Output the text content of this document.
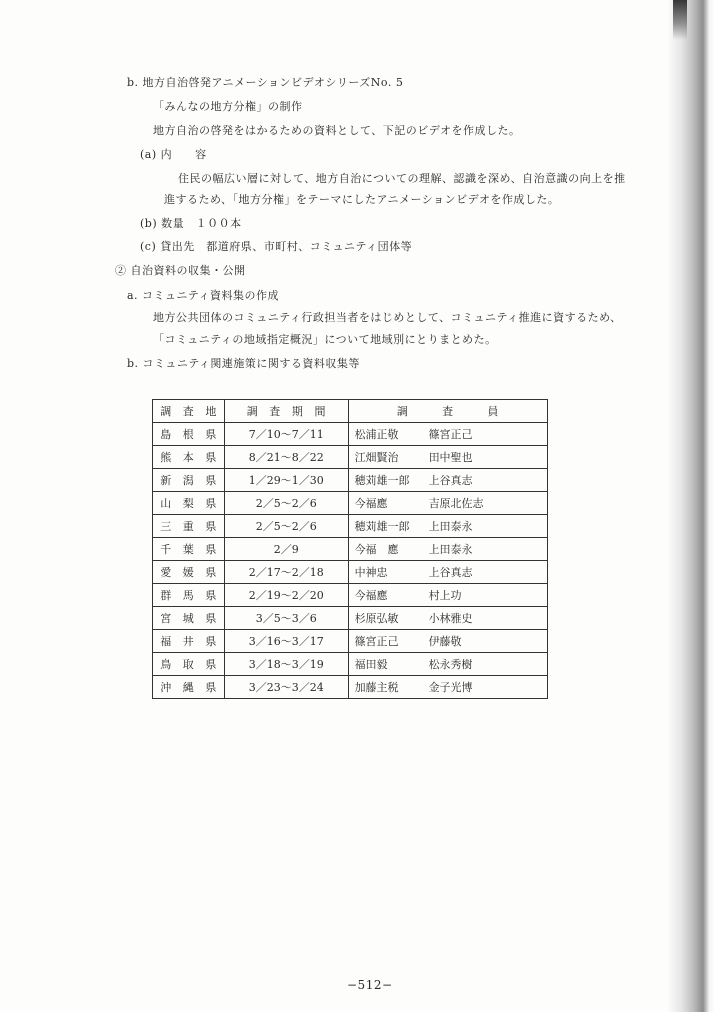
b. 地方自治啓発アニメーションビデオシリーズNo. 5
「みんなの地方分権」の制作
地方自治の啓発をはかるための資料として、下記のビデオを作成した。
(a) 内　　容
住民の幅広い層に対して、地方自治についての理解、認識を深め、自治意識の向上を推
進するため、「地方分権」をテーマにしたアニメーションビデオを作成した。
(b) 数量　１００本
(c) 貸出先　都道府県、市町村、コミュニティ団体等
② 自治資料の収集・公開
a. コミュニティ資料集の作成
地方公共団体のコミュニティ行政担当者をはじめとして、コミュニティ推進に資するため、
「コミュニティの地域指定概況」について地域別にとりまとめた。
b. コミュニティ関連施策に関する資料収集等
調　査　地	調　査　期　間	調　　　査　　　員
島　根　県	7／10～7／11	松浦正敬 篠宮正己
熊　本　県	8／21～8／22	江畑賢治 田中聖也
新　潟　県	1／29～1／30	穂苅雄一郎 上谷真志
山　梨　県	2／5～2／6	今福應 吉原北佐志
三　重　県	2／5～2／6	穂苅雄一郎 上田泰永
千　葉　県	2／9	今福　應 上田泰永
愛　媛　県	2／17～2／18	中神忠 上谷真志
群　馬　県	2／19～2／20	今福應 村上功
宮　城　県	3／5～3／6	杉原弘敏 小林雅史
福　井　県	3／16～3／17	篠宮正己 伊藤敬
鳥　取　県	3／18～3／19	福田毅 松永秀樹
沖　縄　県	3／23～3／24	加藤主税 金子光博
−512−
